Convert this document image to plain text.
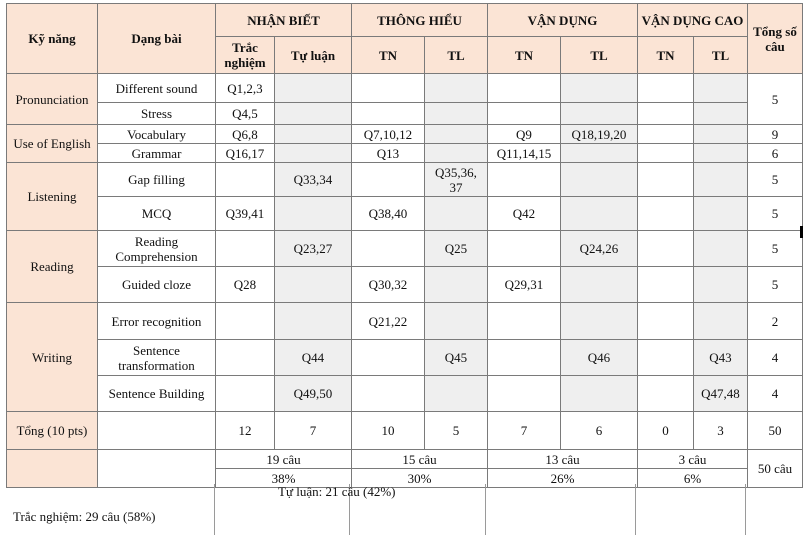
Kỹ năng	Dạng bài	NHẬN BIẾT		THÔNG HIỂU		VẬN DỤNG		VẬN DỤNG CAO		Tổng số câu
		Trắc nghiệm	Tự luận	TN	TL	TN	TL	TN	TL	
Pronunciation	Different sound	Q1,2,3								5
	Stress	Q4,5								
Use of English	Vocabulary	Q6,8		Q7,10,12		Q9	Q18,19,20			9
	Grammar	Q16,17		Q13		Q11,14,15				6
Listening	Gap filling		Q33,34		Q35,36, 37					5
	MCQ	Q39,41		Q38,40		Q42				5
Reading	Reading Comprehension		Q23,27		Q25		Q24,26			5
	Guided cloze	Q28		Q30,32		Q29,31				5
Writing	Error recognition			Q21,22						2
	Sentence transformation		Q44		Q45		Q46		Q43	4
	Sentence Building		Q49,50						Q47,48	4
Tổng (10 pts)		12	7	10	5	7	6	0	3	50
		19 câu		15 câu		13 câu		3 câu		50 câu
		38%		30%		26%		6%		
Tự luận: 21 câu (42%)
Trắc nghiệm: 29 câu (58%)
